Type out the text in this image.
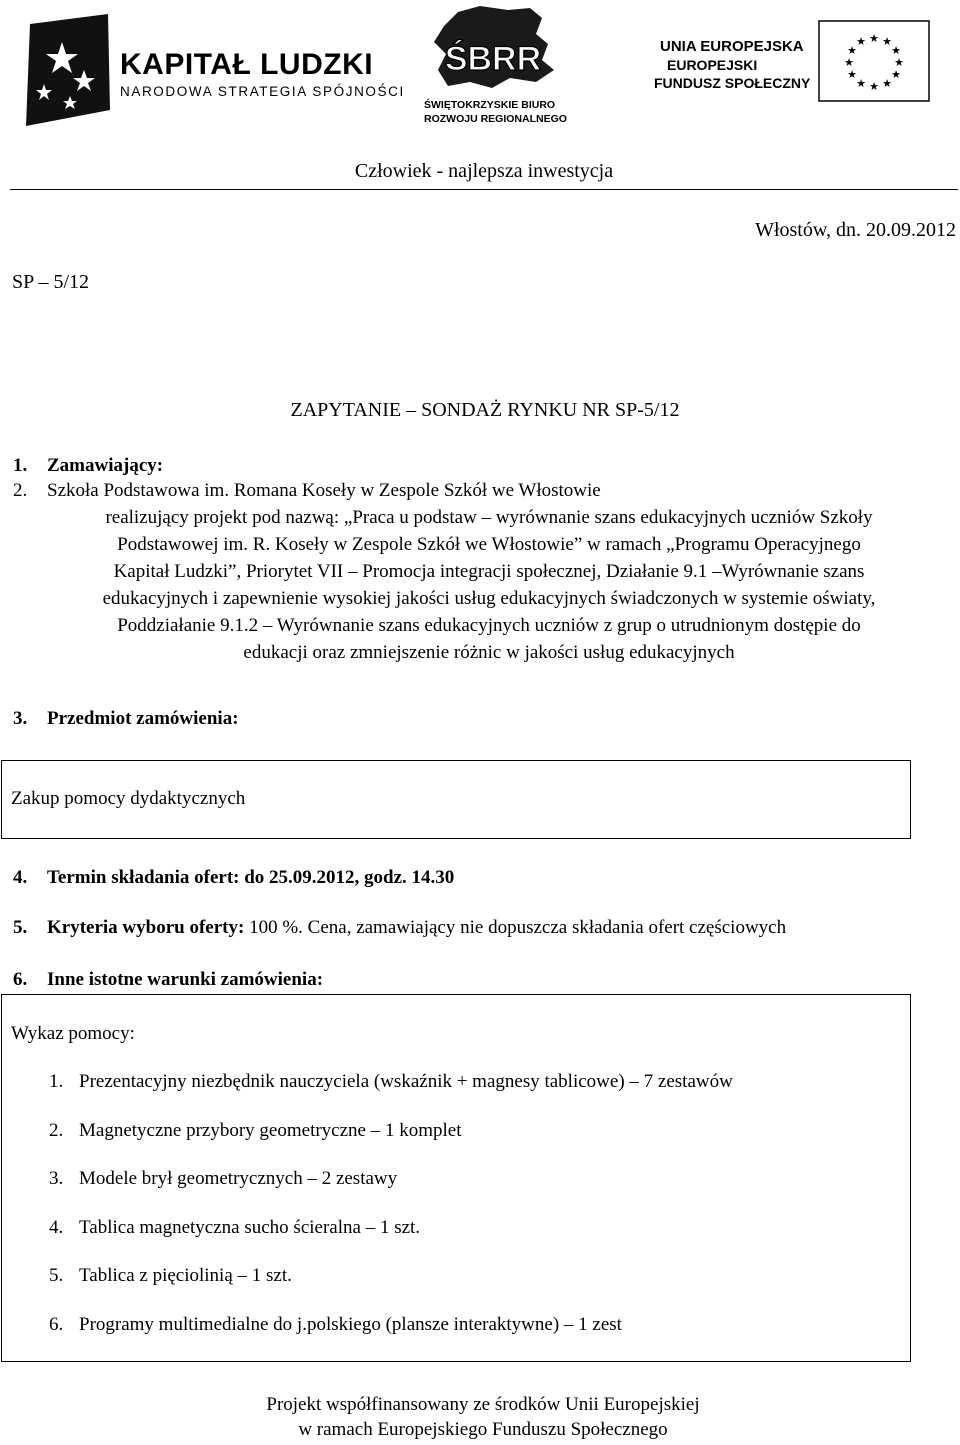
KAPITAŁ LUDZKI
NARODOWA STRATEGIA SPÓJNOŚCI
ŚBRR
ŚWIĘTOKRZYSKIE BIURO
ROZWOJU REGIONALNEGO
UNIA EUROPEJSKA
EUROPEJSKI
FUNDUSZ SPOŁECZNY
★ ★
★
★
★
★
★
★
★
★
★
★
Człowiek - najlepsza inwestycja
Włostów, dn. 20.09.2012
SP – 5/12
ZAPYTANIE – SONDAŻ RYNKU NR SP-5/12
1. Zamawiający:
2. Szkoła Podstawowa im. Romana Koseły w Zespole Szkół we Włostowie
realizujący projekt pod nazwą: „Praca u podstaw – wyrównanie szans edukacyjnych uczniów Szkoły
Podstawowej im. R. Koseły w Zespole Szkół we Włostowie” w ramach „Programu Operacyjnego
Kapitał Ludzki”, Priorytet VII – Promocja integracji społecznej, Działanie 9.1 –Wyrównanie szans
edukacyjnych i zapewnienie wysokiej jakości usług edukacyjnych świadczonych w systemie oświaty,
Poddziałanie 9.1.2 – Wyrównanie szans edukacyjnych uczniów z grup o utrudnionym dostępie do
edukacji oraz zmniejszenie różnic w jakości usług edukacyjnych
3. Przedmiot zamówienia:
Zakup pomocy dydaktycznych
4. Termin składania ofert: do 25.09.2012, godz. 14.30
5. Kryteria wyboru oferty: 100 %. Cena, zamawiający nie dopuszcza składania ofert częściowych
6. Inne istotne warunki zamówienia:
Wykaz pomocy:
1. Prezentacyjny niezbędnik nauczyciela (wskaźnik + magnesy tablicowe) – 7 zestawów
2. Magnetyczne przybory geometryczne – 1 komplet
3. Modele brył geometrycznych – 2 zestawy
4. Tablica magnetyczna sucho ścieralna – 1 szt.
5. Tablica z pięciolinią – 1 szt.
6. Programy multimedialne do j.polskiego (plansze interaktywne) – 1 zest
Projekt współfinansowany ze środków Unii Europejskiej
w ramach Europejskiego Funduszu Społecznego
